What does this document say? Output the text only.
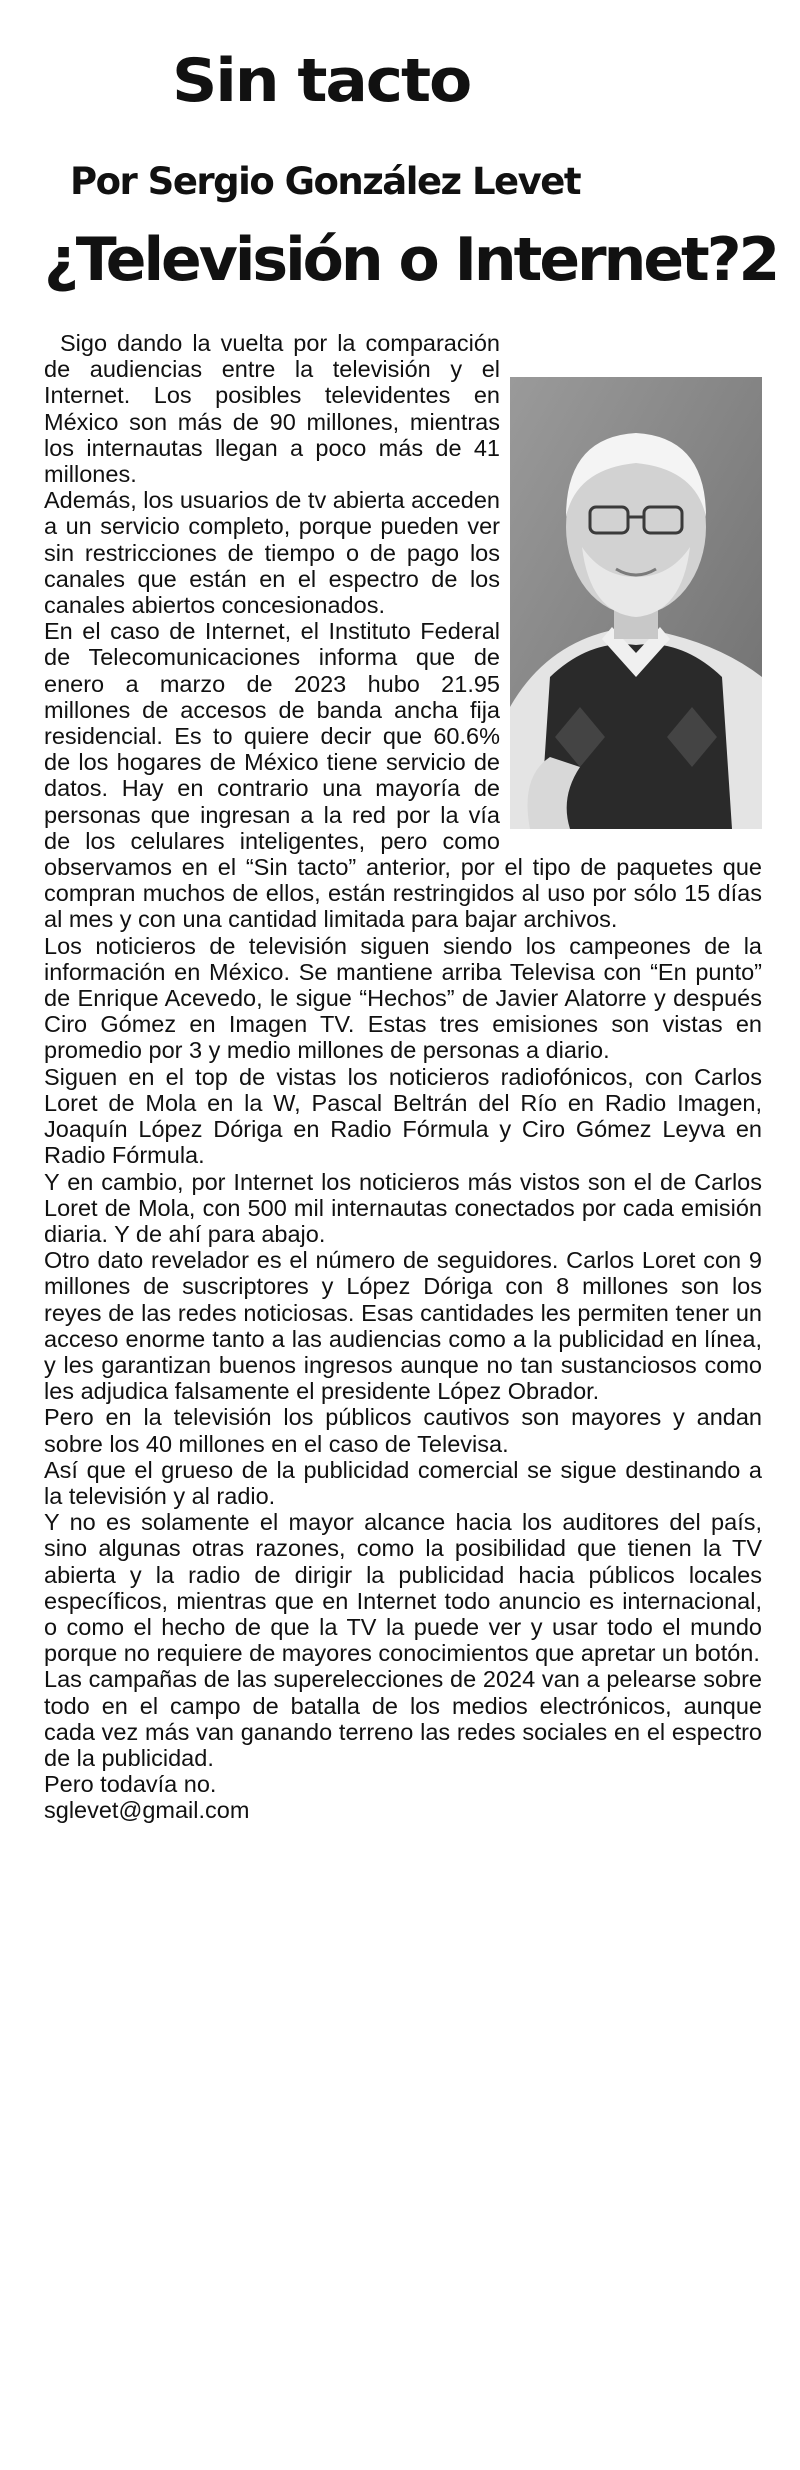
Sin tacto
Por Sergio González Levet
¿Televisión o Internet?2

Sigo dando la vuelta por la comparación de audiencias entre la televisión y el Internet. Los posibles televidentes en México son más de 90 millones, mientras los internautas llegan a poco más de 41 millones.

Además, los usuarios de tv abierta acceden a un servicio completo, porque pueden ver sin restricciones de tiempo o de pago los canales que están en el espectro de los canales abiertos concesionados.

En el caso de Internet, el Instituto Federal de Telecomunicaciones informa que de enero a marzo de 2023 hubo 21.95 millones de accesos de banda ancha fija residencial. Es to quiere decir que 60.6% de los hogares de México tiene servicio de datos. Hay en contrario una mayoría de personas que ingresan a la red por la vía de los celulares inteligentes, pero como observamos en el “Sin tacto” anterior, por el tipo de paquetes que compran muchos de ellos, están restringidos al uso por sólo 15 días al mes y con una cantidad limitada para bajar archivos.

Los noticieros de televisión siguen siendo los campeones de la información en México. Se mantiene arriba Televisa con “En punto” de Enrique Acevedo, le sigue “Hechos” de Javier Alatorre y después Ciro Gómez en Imagen TV. Estas tres emisiones son vistas en promedio por 3 y medio millones de personas a diario.

Siguen en el top de vistas los noticieros radiofónicos, con Carlos Loret de Mola en la W, Pascal Beltrán del Río en Radio Imagen, Joaquín López Dóriga en Radio Fórmula y Ciro Gómez Leyva en Radio Fórmula.

Y en cambio, por Internet los noticieros más vistos son el de Carlos Loret de Mola, con 500 mil internautas conectados por cada emisión diaria. Y de ahí para abajo.

Otro dato revelador es el número de seguidores. Carlos Loret con 9 millones de suscriptores y López Dóriga con 8 millones son los reyes de las redes noticiosas. Esas cantidades les permiten tener un acceso enorme tanto a las audiencias como a la publicidad en línea, y les garantizan buenos ingresos aunque no tan sustanciosos como les adjudica falsamente el presidente López Obrador.

Pero en la televisión los públicos cautivos son mayores y andan sobre los 40 millones en el caso de Televisa.

Así que el grueso de la publicidad comercial se sigue destinando a la televisión y al radio.

Y no es solamente el mayor alcance hacia los auditores del país, sino algunas otras razones, como la posibilidad que tienen la TV abierta y la radio de dirigir la publicidad hacia públicos locales específicos, mientras que en Internet todo anuncio es internacional, o como el hecho de que la TV la puede ver y usar todo el mundo porque no requiere de mayores conocimientos que apretar un botón.

Las campañas de las superelecciones de 2024 van a pelearse sobre todo en el campo de batalla de los medios electrónicos, aunque cada vez más van ganando terreno las redes sociales en el espectro de la publicidad.

Pero todavía no.

sglevet@gmail.com
